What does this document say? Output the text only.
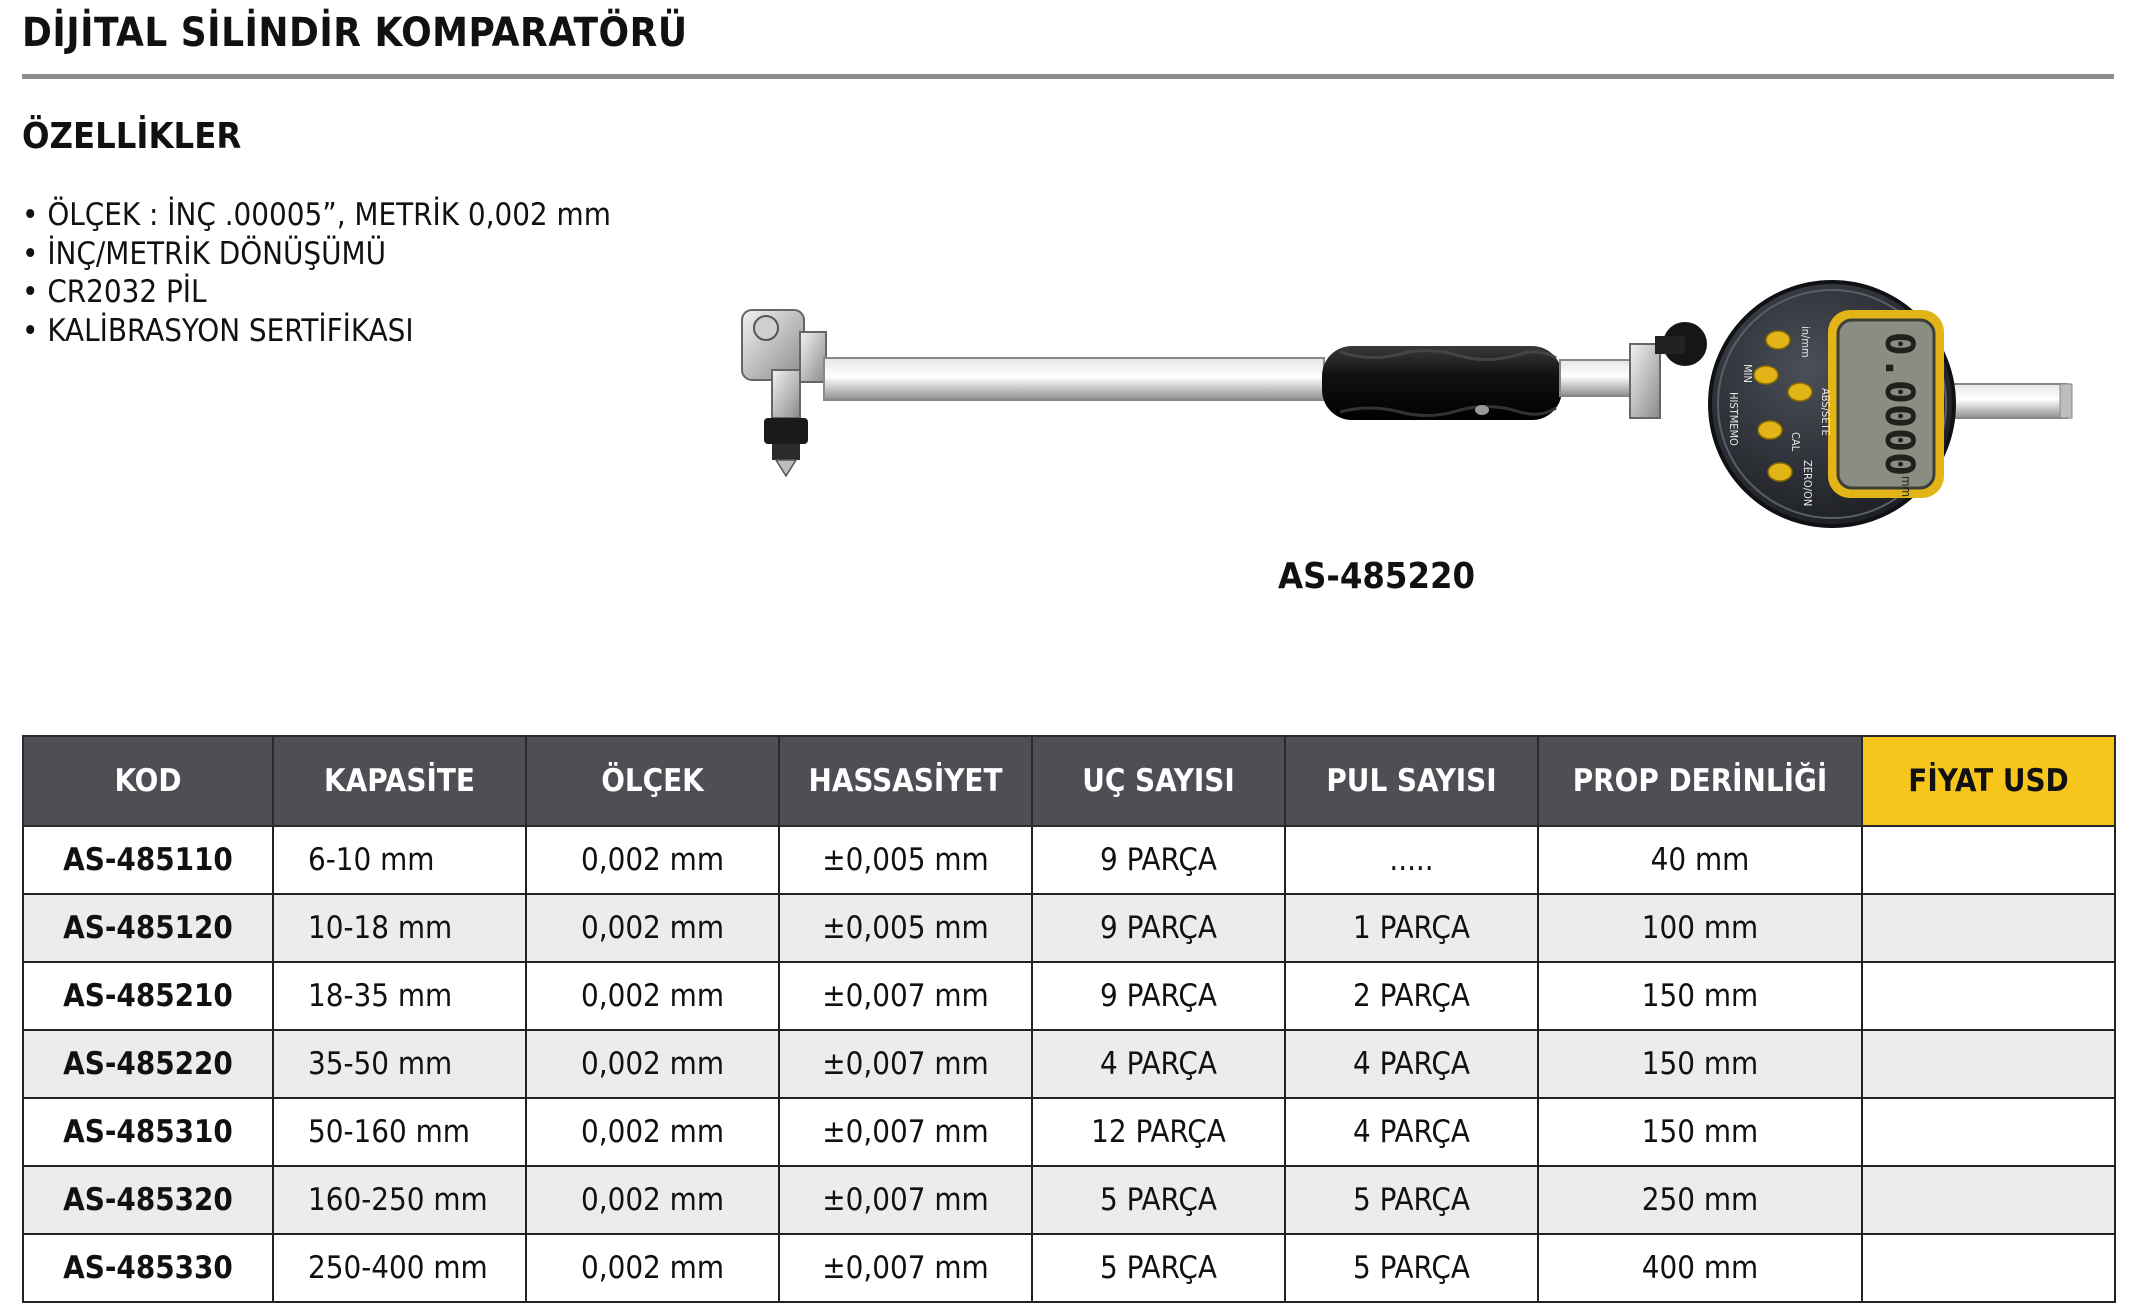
DİJİTAL SİLİNDİR KOMPARATÖRÜ
ÖZELLİKLER
• ÖLÇEK : İNÇ .00005”, METRİK 0,002 mm
• İNÇ/METRİK DÖNÜŞÜMÜ
• CR2032 PİL
• KALİBRASYON SERTİFİKASI
0.0000
mm
in/mm
MIN
ABS/SETE
CAL
ZERO/ON
HISTMEMO
AS-485220
KOD	KAPASİTE	ÖLÇEK	HASSASİYET	UÇ SAYISI	PUL SAYISI	PROP DERİNLİĞİ	FİYAT USD
AS-485110	6-10 mm	0,002 mm	±0,005 mm	9 PARÇA	.....	40 mm	
AS-485120	10-18 mm	0,002 mm	±0,005 mm	9 PARÇA	1 PARÇA	100 mm	
AS-485210	18-35 mm	0,002 mm	±0,007 mm	9 PARÇA	2 PARÇA	150 mm	
AS-485220	35-50 mm	0,002 mm	±0,007 mm	4 PARÇA	4 PARÇA	150 mm	
AS-485310	50-160 mm	0,002 mm	±0,007 mm	12 PARÇA	4 PARÇA	150 mm	
AS-485320	160-250 mm	0,002 mm	±0,007 mm	5 PARÇA	5 PARÇA	250 mm	
AS-485330	250-400 mm	0,002 mm	±0,007 mm	5 PARÇA	5 PARÇA	400 mm	
